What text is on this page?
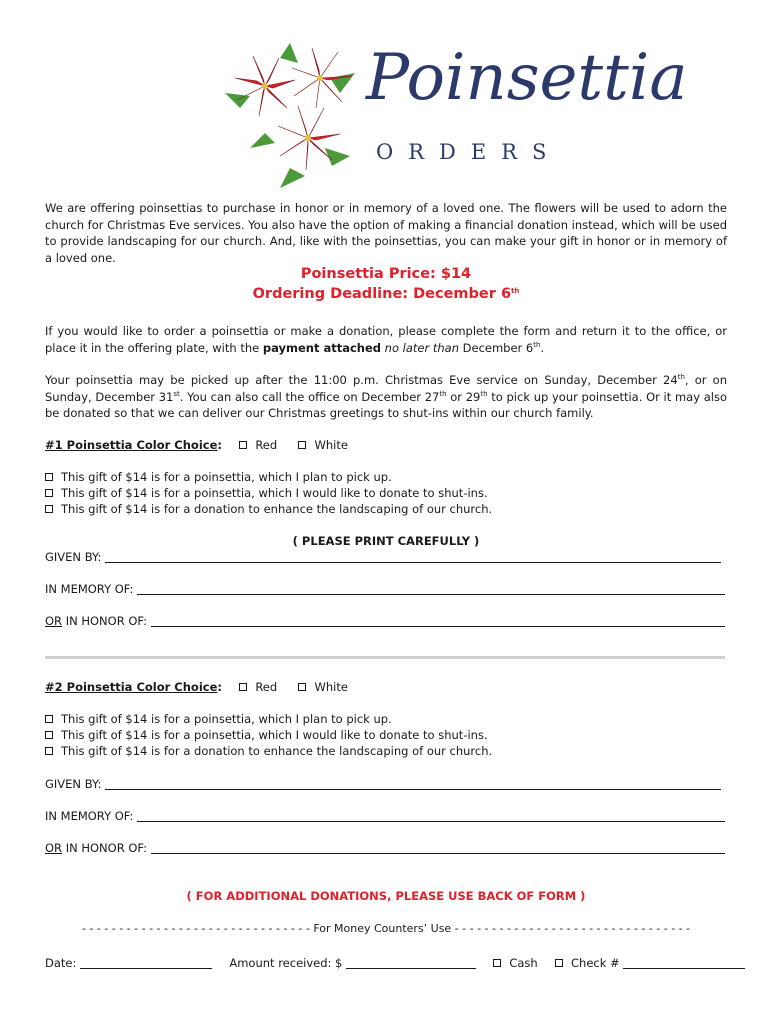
Poinsettia
ORDERS
We are offering poinsettias to purchase in honor or in memory of a loved one. The flowers will be used to adorn the church for Christmas Eve services. You also have the option of making a financial donation instead, which will be used to provide landscaping for our church. And, like with the poinsettias, you can make your gift in honor or in memory of a loved one.
Poinsettia Price: $14
Ordering Deadline: December 6th
If you would like to order a poinsettia or make a donation, please complete the form and return it to the office, or place it in the offering plate, with the payment attached no later than December 6th.
Your poinsettia may be picked up after the 11:00 p.m. Christmas Eve service on Sunday, December 24th, or on Sunday, December 31st. You can also call the office on December 27th or 29th to pick up your poinsettia. Or it may also be donated so that we can deliver our Christmas greetings to shut-ins within our church family.
#1 Poinsettia Color Choice:	Red	White
This gift of $14 is for a poinsettia, which I plan to pick up.
This gift of $14 is for a poinsettia, which I would like to donate to shut-ins.
This gift of $14 is for a donation to enhance the landscaping of our church.
( PLEASE PRINT CAREFULLY )
GIVEN BY:
IN MEMORY OF:
OR IN HONOR OF:
#2 Poinsettia Color Choice:	Red	White
This gift of $14 is for a poinsettia, which I plan to pick up.
This gift of $14 is for a poinsettia, which I would like to donate to shut-ins.
This gift of $14 is for a donation to enhance the landscaping of our church.
GIVEN BY:
IN MEMORY OF:
OR IN HONOR OF:
( FOR ADDITIONAL DONATIONS, PLEASE USE BACK OF FORM )
- - - - - - - - - - - - - - - - - - - - - - - - - - - - - - - For Money Counters’ Use - - - - - - - - - - - - - - - - - - - - - - - - - - - - - - - -
Date:	Amount received: $	Cash	Check #
